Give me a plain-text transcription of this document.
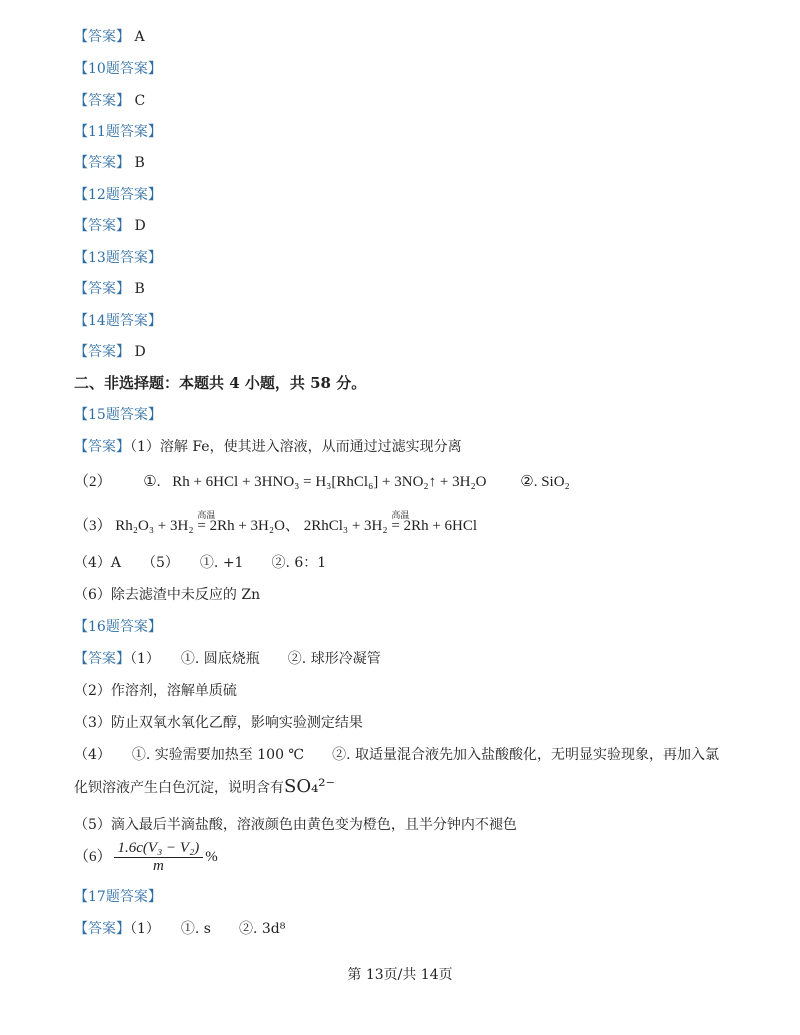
【答案】 A
【10题答案】
【答案】 C
【11题答案】
【答案】 B
【12题答案】
【答案】 D
【13题答案】
【答案】 B
【14题答案】
【答案】 D
二、非选择题：本题共 4 小题，共 58 分。
【15题答案】
【答案】（1）溶解 Fe，使其进入溶液，从而通过过滤实现分离
（2） ①. Rh + 6HCl + 3HNO₃ = H₃[RhCl₆] + 3NO₂↑ + 3H₂O ②. SiO₂
（3） Rh₂O₃ + 3H₂
高温
= 2Rh + 3H₂O、 2RhCl₃ + 3H₂
高温
= 2Rh + 6HCl
（4）A　　（5）　　①. +1　　②. 6：1
（6）除去滤渣中未反应的 Zn
【16题答案】
【答案】（1）　　①. 圆底烧瓶　　②. 球形冷凝管
（2）作溶剂，溶解单质硫
（3）防止双氧水氧化乙醇，影响实验测定结果
（4）　　①. 实验需要加热至 100 ℃　　②. 取适量混合液先加入盐酸酸化，无明显实验现象，再加入氯
化钡溶液产生白色沉淀，说明含有SO₄²⁻
（5）滴入最后半滴盐酸，溶液颜色由黄色变为橙色，且半分钟内不褪色
$(6) \frac{\text{1.6c(V₃ − V₂)}}{m}$ %
【17题答案】
【答案】（1）　　①. s　　②. 3d⁸
第 13页/共 14页
